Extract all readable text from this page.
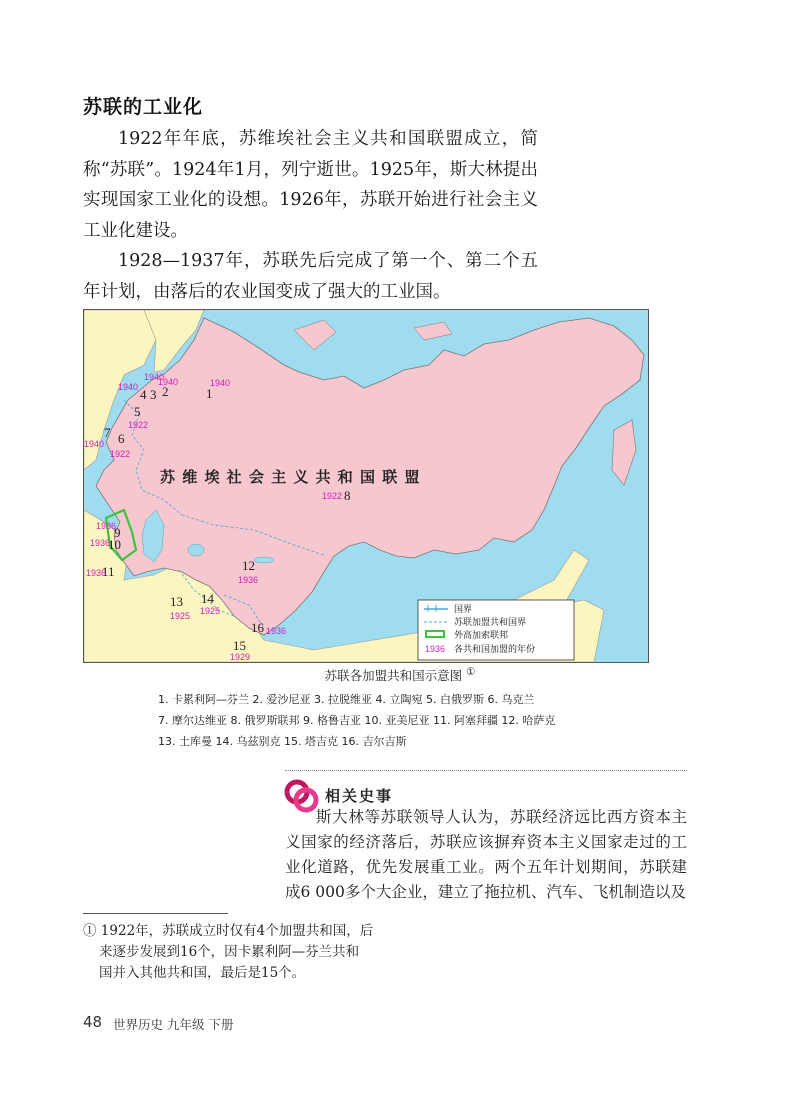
苏联的工业化

1922年年底，苏维埃社会主义共和国联盟成立，简称“苏联”。1924年1月，列宁逝世。1925年，斯大林提出实现国家工业化的设想。1926年，苏联开始进行社会主义工业化建设。

1928—1937年，苏联先后完成了第一个、第二个五年计划，由落后的农业国变成了强大的工业国。

苏 维 埃 社 会 主 义 共 和 国 联 盟
1
2
3
4
5
6
7
8
9
10
11	12
13 14
15
16
1940
1940
1940
1940
1922
1922
1940
1922
1936
1936
1936
1936
1925 1925
1929
1936
国界
苏联加盟共和国界
外高加索联邦
1936 各共和国加盟的年份
苏联各加盟共和国示意图 ①
1. 卡累利阿—芬兰 2. 爱沙尼亚 3. 拉脱维亚 4. 立陶宛 5. 白俄罗斯 6. 乌克兰
7. 摩尔达维亚 8. 俄罗斯联邦 9. 格鲁吉亚 10. 亚美尼亚 11. 阿塞拜疆 12. 哈萨克
13. 土库曼 14. 乌兹别克 15. 塔吉克 16. 吉尔吉斯
相关史事

斯大林等苏联领导人认为，苏联经济远比西方资本主义国家的经济落后，苏联应该摒弃资本主义国家走过的工业化道路，优先发展重工业。两个五年计划期间，苏联建成6 000多个大企业，建立了拖拉机、汽车、飞机制造以及

① 1922年，苏联成立时仅有4个加盟共和国，后
来逐步发展到16个，因卡累利阿—芬兰共和
国并入其他共和国，最后是15个。
48 世界历史 九年级 下册
